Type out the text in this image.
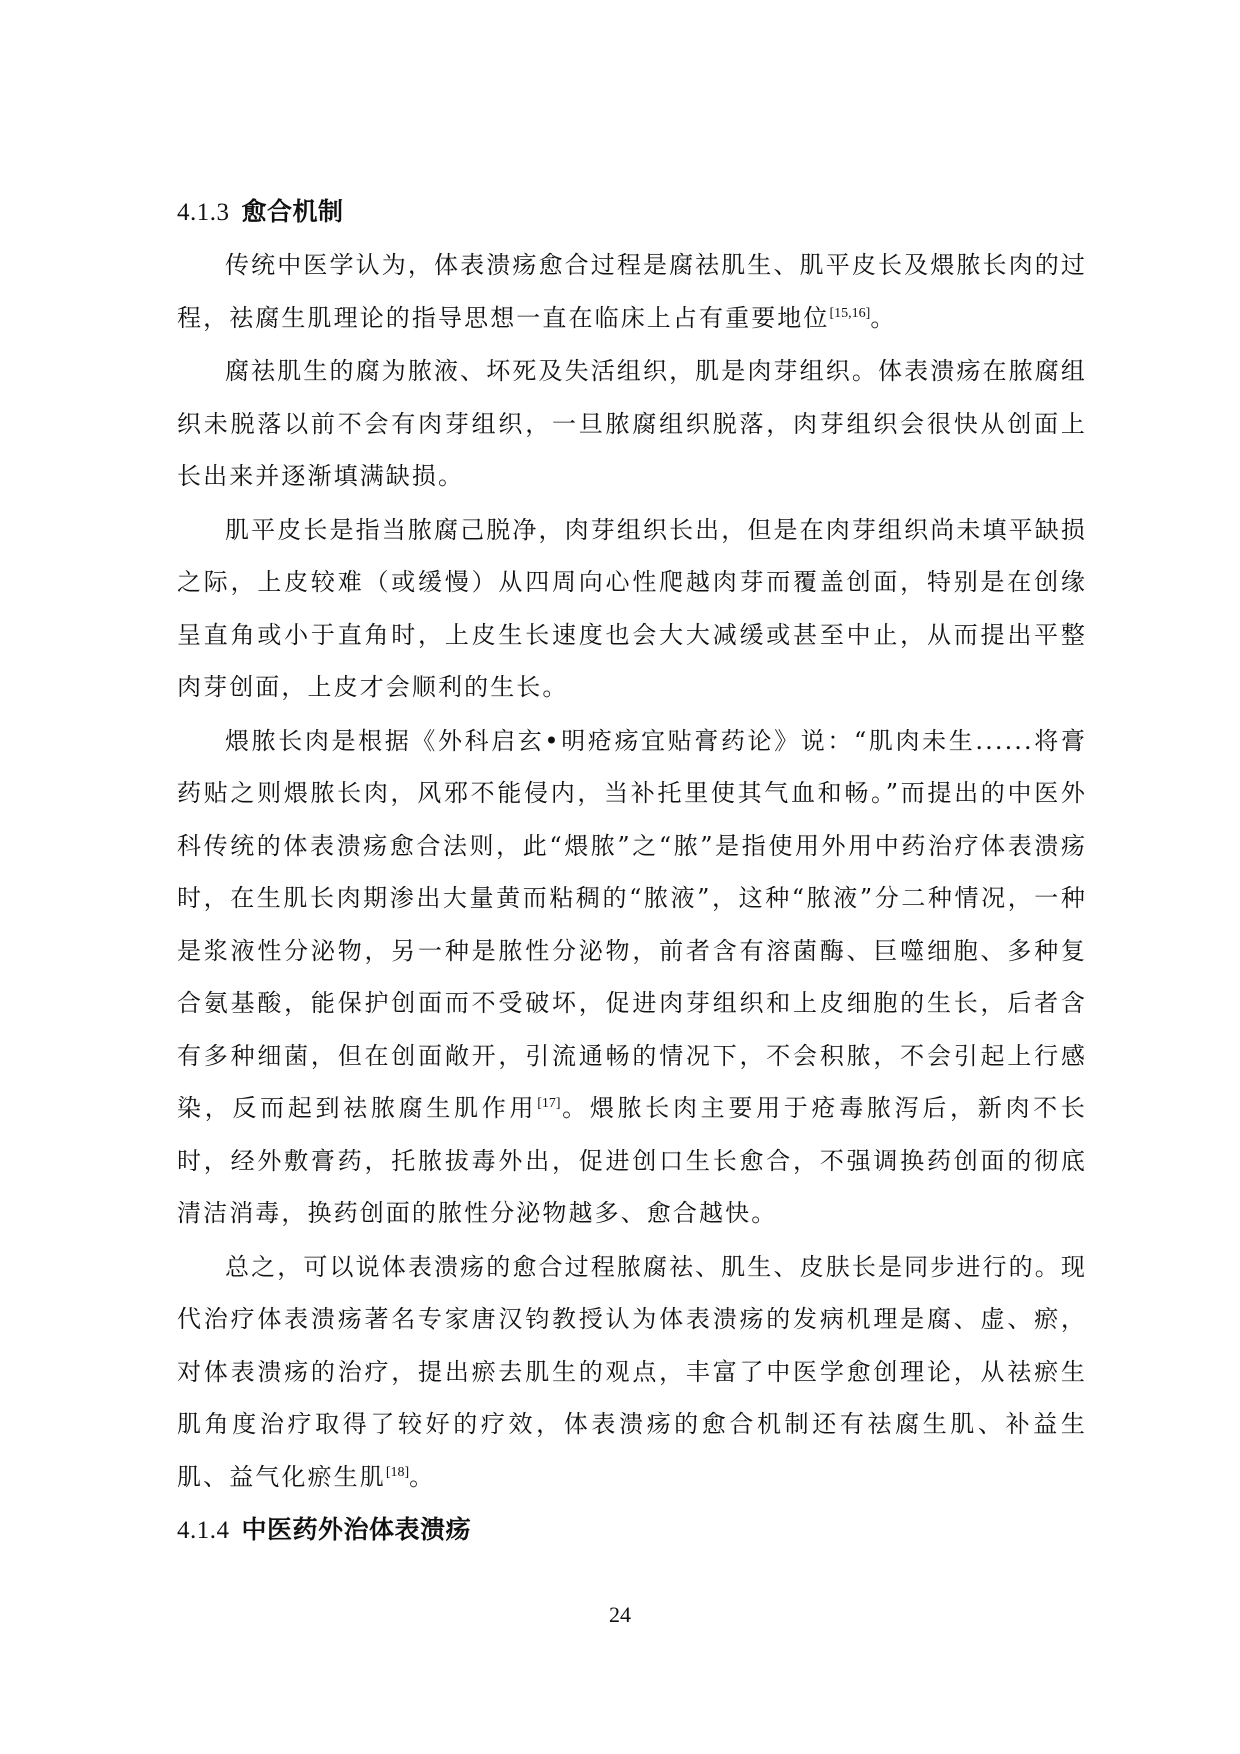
4.1.3 愈合机制

传统中医学认为，体表溃疡愈合过程是腐祛肌生、肌平皮长及煨脓长肉的过程，祛腐生肌理论的指导思想一直在临床上占有重要地位[15,16]。

腐祛肌生的腐为脓液、坏死及失活组织，肌是肉芽组织。体表溃疡在脓腐组织未脱落以前不会有肉芽组织，一旦脓腐组织脱落，肉芽组织会很快从创面上长出来并逐渐填满缺损。

肌平皮长是指当脓腐己脱净，肉芽组织长出，但是在肉芽组织尚未填平缺损之际，上皮较难（或缓慢）从四周向心性爬越肉芽而覆盖创面，特别是在创缘呈直角或小于直角时，上皮生长速度也会大大减缓或甚至中止，从而提出平整肉芽创面，上皮才会顺利的生长。

煨脓长肉是根据《外科启玄•明疮疡宜贴膏药论》说：“肌肉未生......将膏药贴之则煨脓长肉，风邪不能侵内，当补托里使其气血和畅。”而提出的中医外科传统的体表溃疡愈合法则，此“煨脓”之“脓”是指使用外用中药治疗体表溃疡时，在生肌长肉期渗出大量黄而粘稠的“脓液”，这种“脓液”分二种情况，一种是浆液性分泌物，另一种是脓性分泌物，前者含有溶菌酶、巨噬细胞、多种复合氨基酸，能保护创面而不受破坏，促进肉芽组织和上皮细胞的生长，后者含有多种细菌，但在创面敞开，引流通畅的情况下，不会积脓，不会引起上行感染，反而起到祛脓腐生肌作用[17]。煨脓长肉主要用于疮毒脓泻后，新肉不长时，经外敷膏药，托脓拔毒外出，促进创口生长愈合，不强调换药创面的彻底清洁消毒，换药创面的脓性分泌物越多、愈合越快。

总之，可以说体表溃疡的愈合过程脓腐祛、肌生、皮肤长是同步进行的。现代治疗体表溃疡著名专家唐汉钧教授认为体表溃疡的发病机理是腐、虚、瘀，对体表溃疡的治疗，提出瘀去肌生的观点，丰富了中医学愈创理论，从祛瘀生肌角度治疗取得了较好的疗效，体表溃疡的愈合机制还有祛腐生肌、补益生肌、益气化瘀生肌[18]。

4.1.4 中医药外治体表溃疡
24
